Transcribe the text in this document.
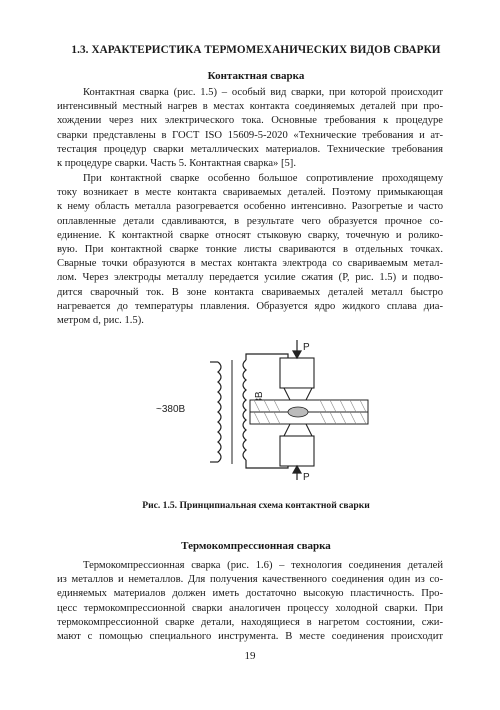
1.3. ХАРАКТЕРИСТИКА ТЕРМОМЕХАНИЧЕСКИХ ВИДОВ СВАРКИ
Контактная сварка
Контактная сварка (рис. 1.5) – особый вид сварки, при которой происходит
интенсивный местный нагрев в местах контакта соединяемых деталей при про-
хождении через них электрического тока. Основные требования к процедуре
сварки представлены в ГОСТ ISO 15609-5-2020 «Технические требования и ат-
тестация процедур сварки металлических материалов. Технические требования
к процедуре сварки. Часть 5. Контактная сварка» [5].
При контактной сварке особенно большое сопротивление проходящему
току возникает в месте контакта свариваемых деталей. Поэтому примыкающая
к нему область металла разогревается особенно интенсивно. Разогретые и часто
оплавленные детали сдавливаются, в результате чего образуется прочное со-
единение. К контактной сварке относят стыковую сварку, точечную и ролико-
вую. При контактной сварке тонкие листы свариваются в отдельных точках.
Сварные точки образуются в местах контакта электрода со свариваемым метал-
лом. Через электроды металлу передается усилие сжатия (P, рис. 1.5) и подво-
дится сварочный ток. В зоне контакта свариваемых деталей металл быстро
нагревается до температуры плавления. Образуется ядро жидкого сплава диа-
метром d, рис. 1.5).
~380В
P
P
Рис. 1.5. Принципиальная схема контактной сварки
Термокомпрессионная сварка
Термокомпрессионная сварка (рис. 1.6) – технология соединения деталей
из металлов и неметаллов. Для получения качественного соединения один из со-
единяемых материалов должен иметь достаточно высокую пластичность. Про-
цесс термокомпрессионной сварки аналогичен процессу холодной сварки. При
термокомпрессионной сварке детали, находящиеся в нагретом состоянии, сжи-
мают с помощью специального инструмента. В месте соединения происходит
19
